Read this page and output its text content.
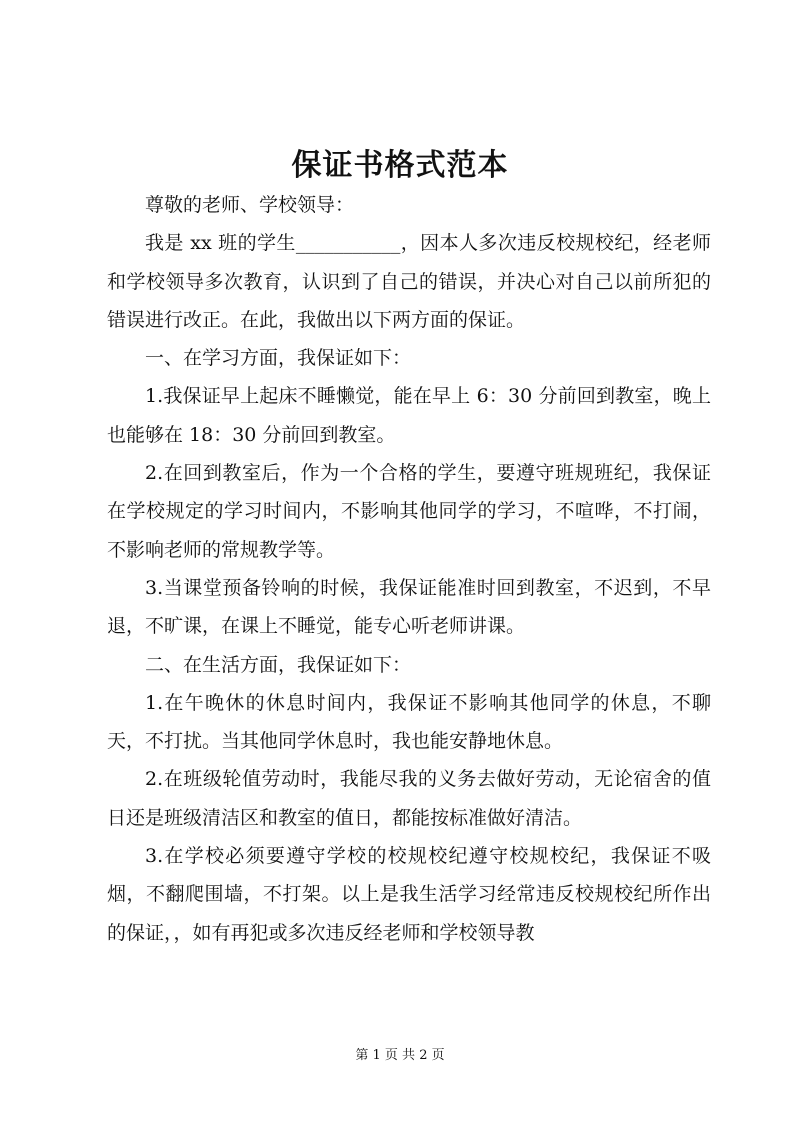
保证书格式范本

尊敬的老师、学校领导：

我是 xx 班的学生___________，因本人多次违反校规校纪，经老师和学校领导多次教育，认识到了自己的错误，并决心对自己以前所犯的错误进行改正。在此，我做出以下两方面的保证。

一、在学习方面，我保证如下：

1.我保证早上起床不睡懒觉，能在早上 6：30 分前回到教室，晚上也能够在 18：30 分前回到教室。

2.在回到教室后，作为一个合格的学生，要遵守班规班纪，我保证在学校规定的学习时间内，不影响其他同学的学习，不喧哗，不打闹，不影响老师的常规教学等。

3.当课堂预备铃响的时候，我保证能准时回到教室，不迟到，不早退，不旷课，在课上不睡觉，能专心听老师讲课。

二、在生活方面，我保证如下：

1.在午晚休的休息时间内，我保证不影响其他同学的休息，不聊天，不打扰。当其他同学休息时，我也能安静地休息。

2.在班级轮值劳动时，我能尽我的义务去做好劳动，无论宿舍的值日还是班级清洁区和教室的值日，都能按标准做好清洁。

3.在学校必须要遵守学校的校规校纪遵守校规校纪，我保证不吸烟，不翻爬围墙，不打架。以上是我生活学习经常违反校规校纪所作出的保证，，如有再犯或多次违反经老师和学校领导教

第 1 页 共 2 页
